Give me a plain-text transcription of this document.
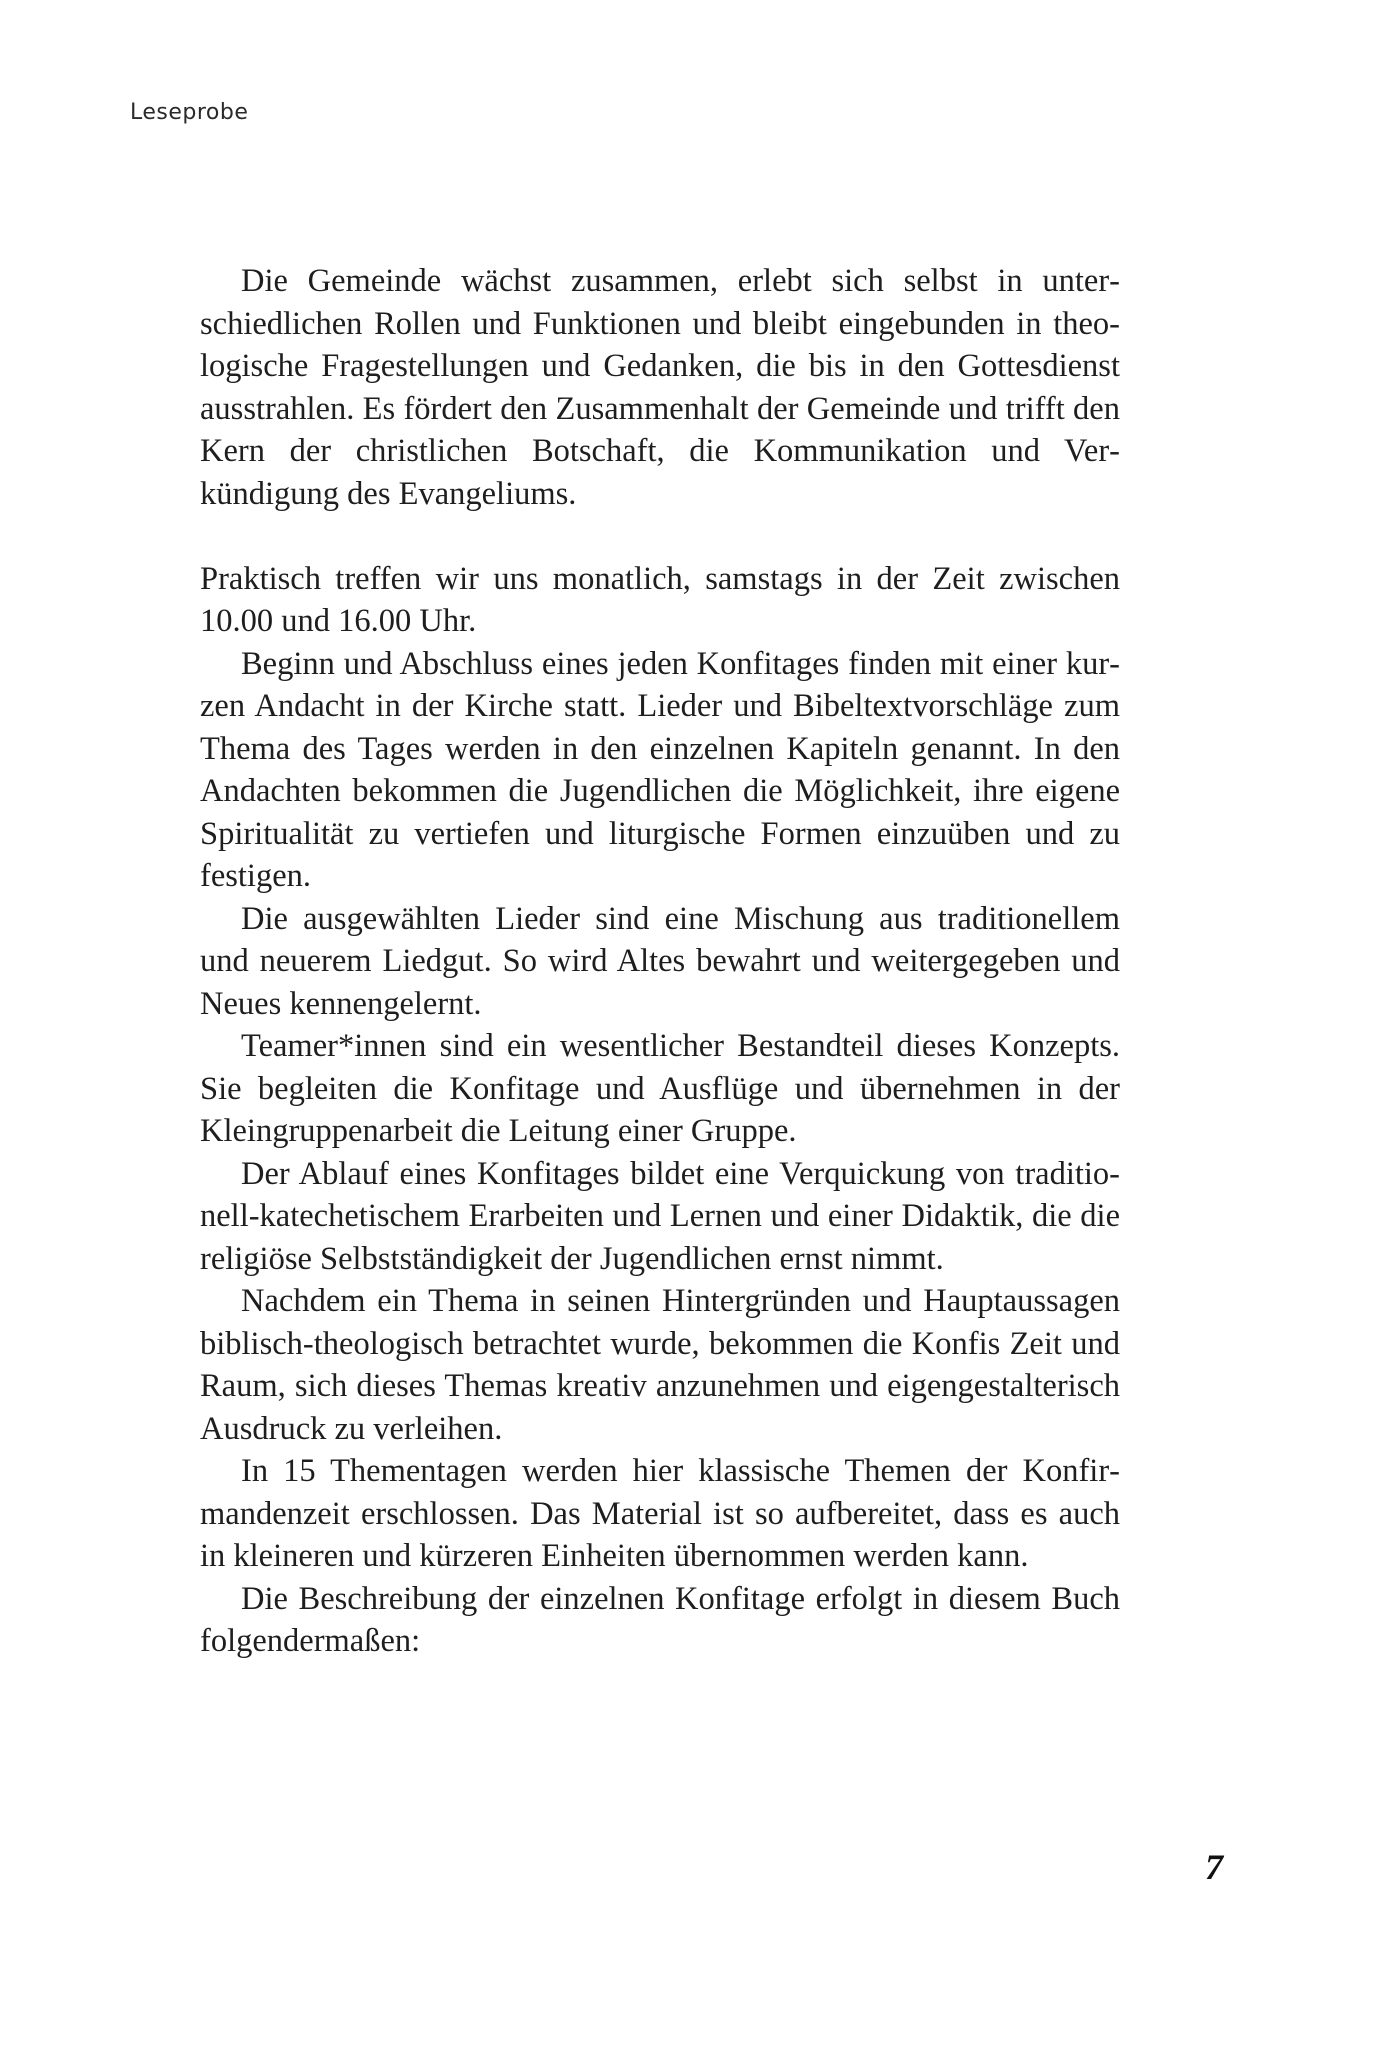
Leseprobe

Die Gemeinde wächst zusammen, erlebt sich selbst in unterschiedlichen Rollen und Funktionen und bleibt eingebunden in theologische Fragestellungen und Gedanken, die bis in den Gottesdienst ausstrahlen. Es fördert den Zusammenhalt der Gemeinde und trifft den Kern der christlichen Botschaft, die Kommunikation und Verkündigung des Evangeliums.

Praktisch treffen wir uns monatlich, samstags in der Zeit zwischen 10.00 und 16.00 Uhr.

Beginn und Abschluss eines jeden Konfitages finden mit einer kurzen Andacht in der Kirche statt. Lieder und Bibeltextvorschläge zum Thema des Tages werden in den einzelnen Kapiteln genannt. In den Andachten bekommen die Jugendlichen die Möglichkeit, ihre eigene Spiritualität zu vertiefen und liturgische Formen einzuüben und zu festigen.

Die ausgewählten Lieder sind eine Mischung aus traditionellem und neuerem Liedgut. So wird Altes bewahrt und weitergegeben und Neues kennengelernt.

Teamer*innen sind ein wesentlicher Bestandteil dieses Konzepts. Sie begleiten die Konfitage und Ausflüge und übernehmen in der Kleingruppenarbeit die Leitung einer Gruppe.

Der Ablauf eines Konfitages bildet eine Verquickung von traditionell-katechetischem Erarbeiten und Lernen und einer Didaktik, die die religiöse Selbstständigkeit der Jugendlichen ernst nimmt.

Nachdem ein Thema in seinen Hintergründen und Hauptaussagen biblisch-theologisch betrachtet wurde, bekommen die Konfis Zeit und Raum, sich dieses Themas kreativ anzunehmen und eigengestalterisch Ausdruck zu verleihen.

In 15 Thementagen werden hier klassische Themen der Konfirmandenzeit erschlossen. Das Material ist so aufbereitet, dass es auch in kleineren und kürzeren Einheiten übernommen werden kann.

Die Beschreibung der einzelnen Konfitage erfolgt in diesem Buch folgendermaßen:

7
